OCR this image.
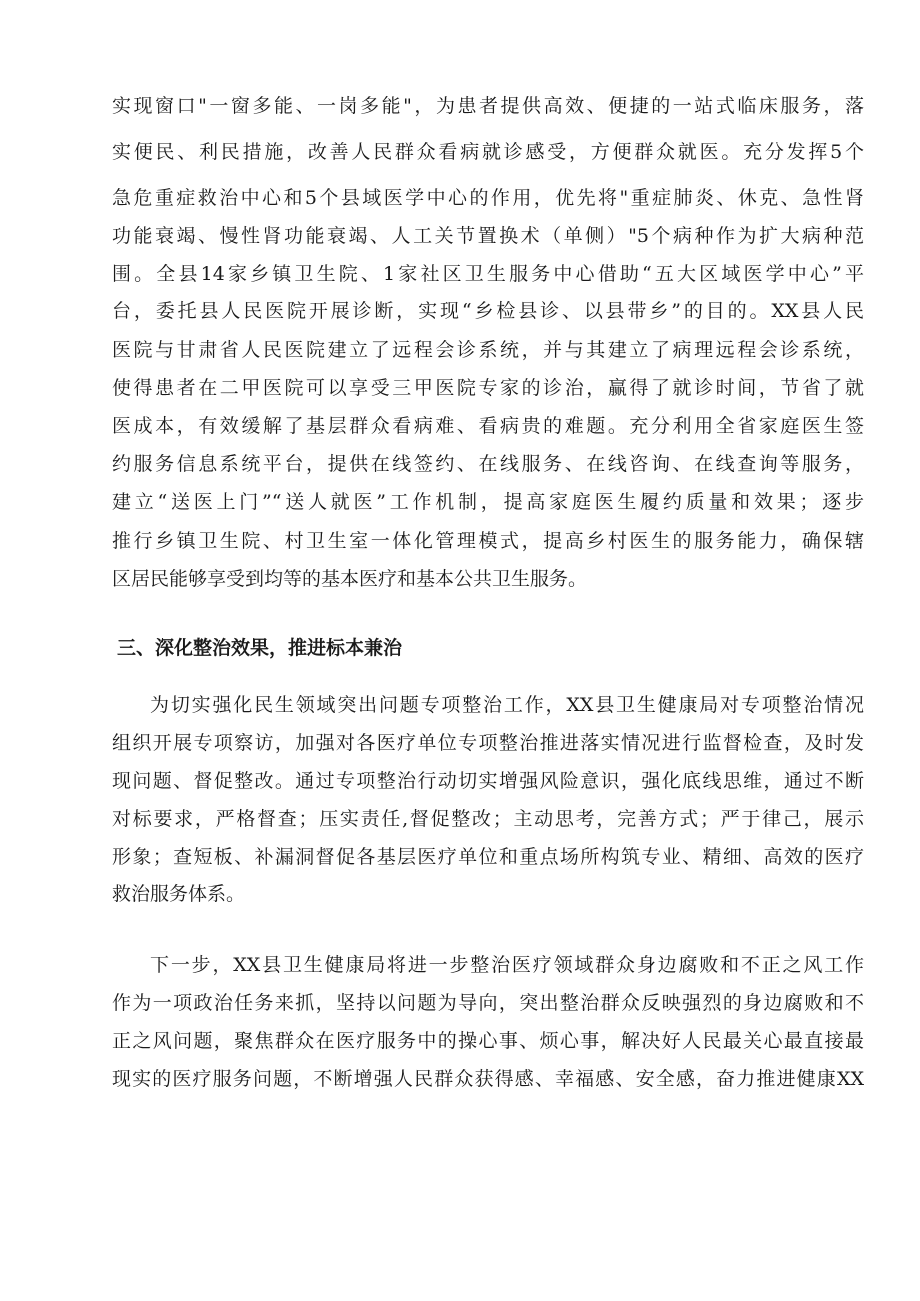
实现窗口"一窗多能、一岗多能"，为患者提供高效、便捷的一站式临床服务，落
实便民、利民措施，改善人民群众看病就诊感受，方便群众就医。充分发挥5个
急危重症救治中心和5个县域医学中心的作用，优先将"重症肺炎、休克、急性肾
功能衰竭、慢性肾功能衰竭、人工关节置换术（单侧）"5个病种作为扩大病种范
围。全县14家乡镇卫生院、1家社区卫生服务中心借助“五大区域医学中心”平
台，委托县人民医院开展诊断，实现“乡检县诊、以县带乡”的目的。XX县人民
医院与甘肃省人民医院建立了远程会诊系统，并与其建立了病理远程会诊系统，
使得患者在二甲医院可以享受三甲医院专家的诊治，赢得了就诊时间，节省了就
医成本，有效缓解了基层群众看病难、看病贵的难题。充分利用全省家庭医生签
约服务信息系统平台，提供在线签约、在线服务、在线咨询、在线查询等服务，
建立“送医上门”“送人就医”工作机制，提高家庭医生履约质量和效果；逐步
推行乡镇卫生院、村卫生室一体化管理模式，提高乡村医生的服务能力，确保辖
区居民能够享受到均等的基本医疗和基本公共卫生服务。
三、深化整治效果，推进标本兼治
为切实强化民生领域突出问题专项整治工作，XX县卫生健康局对专项整治情况
组织开展专项察访，加强对各医疗单位专项整治推进落实情况进行监督检查，及时发
现问题、督促整改。通过专项整治行动切实增强风险意识，强化底线思维，通过不断
对标要求，严格督查；压实责任,督促整改；主动思考，完善方式；严于律己，展示
形象；查短板、补漏洞督促各基层医疗单位和重点场所构筑专业、精细、高效的医疗
救治服务体系。
下一步，XX县卫生健康局将进一步整治医疗领域群众身边腐败和不正之风工作
作为一项政治任务来抓，坚持以问题为导向，突出整治群众反映强烈的身边腐败和不
正之风问题，聚焦群众在医疗服务中的操心事、烦心事，解决好人民最关心最直接最
现实的医疗服务问题，不断增强人民群众获得感、幸福感、安全感，奋力推进健康XX
